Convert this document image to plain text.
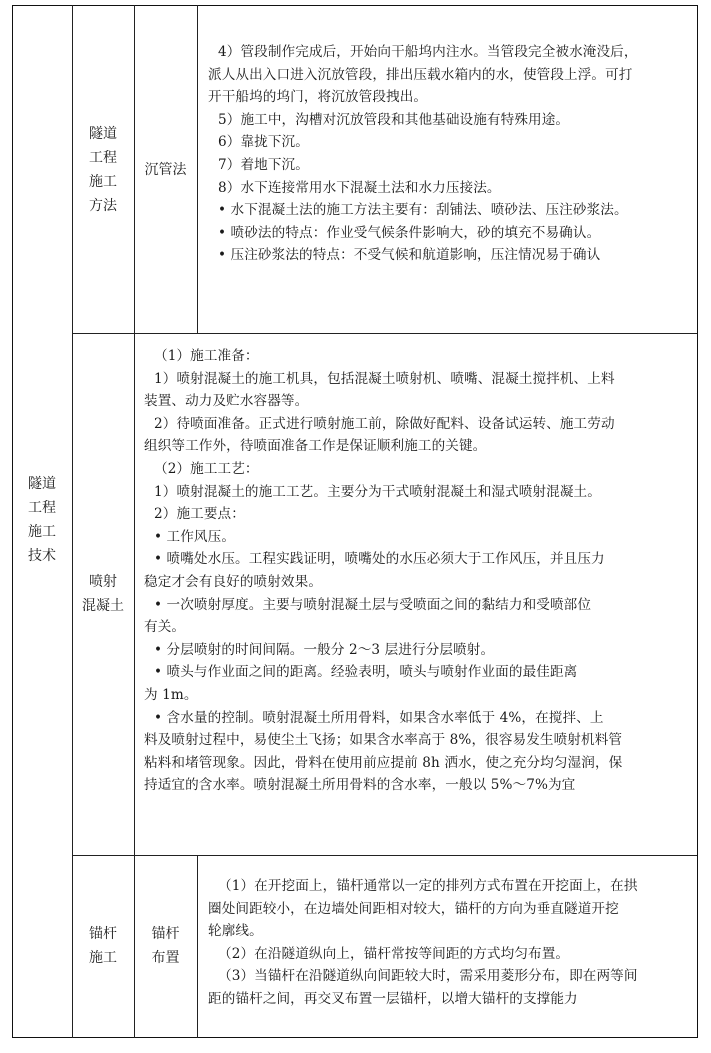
隧道
工程
施工
技术
隧道
工程
施工
方法
沉管法

4）管段制作完成后，开始向干船坞内注水。当管段完全被水淹没后，

派人从出入口进入沉放管段，排出压载水箱内的水，使管段上浮。可打

开干船坞的坞门，将沉放管段拽出。

5）施工中，沟槽对沉放管段和其他基础设施有特殊用途。

6）靠拢下沉。

7）着地下沉。

8）水下连接常用水下混凝土法和水力压接法。

• 水下混凝土法的施工方法主要有：刮铺法、喷砂法、压注砂浆法。

• 喷砂法的特点：作业受气候条件影响大，砂的填充不易确认。

• 压注砂浆法的特点：不受气候和航道影响，压注情况易于确认

喷射
混凝土

（1）施工准备：

1）喷射混凝土的施工机具，包括混凝土喷射机、喷嘴、混凝土搅拌机、上料

装置、动力及贮水容器等。

2）待喷面准备。正式进行喷射施工前，除做好配料、设备试运转、施工劳动

组织等工作外，待喷面准备工作是保证顺利施工的关键。

（2）施工工艺：

1）喷射混凝土的施工工艺。主要分为干式喷射混凝土和湿式喷射混凝土。

2）施工要点：

• 工作风压。

• 喷嘴处水压。工程实践证明，喷嘴处的水压必须大于工作风压，并且压力

稳定才会有良好的喷射效果。

• 一次喷射厚度。主要与喷射混凝土层与受喷面之间的黏结力和受喷部位

有关。

• 分层喷射的时间间隔。一般分 2～3 层进行分层喷射。

• 喷头与作业面之间的距离。经验表明，喷头与喷射作业面的最佳距离

为 1m。

• 含水量的控制。喷射混凝土所用骨料，如果含水率低于 4%，在搅拌、上

料及喷射过程中，易使尘土飞扬；如果含水率高于 8%，很容易发生喷射机料管

粘料和堵管现象。因此，骨料在使用前应提前 8h 洒水，使之充分均匀湿润，保

持适宜的含水率。喷射混凝土所用骨料的含水率，一般以 5%～7%为宜

锚杆
施工
锚杆
布置

（1）在开挖面上，锚杆通常以一定的排列方式布置在开挖面上，在拱

圈处间距较小，在边墙处间距相对较大，锚杆的方向为垂直隧道开挖

轮廓线。

（2）在沿隧道纵向上，锚杆常按等间距的方式均匀布置。

（3）当锚杆在沿隧道纵向间距较大时，需采用菱形分布，即在两等间

距的锚杆之间，再交叉布置一层锚杆，以增大锚杆的支撑能力
